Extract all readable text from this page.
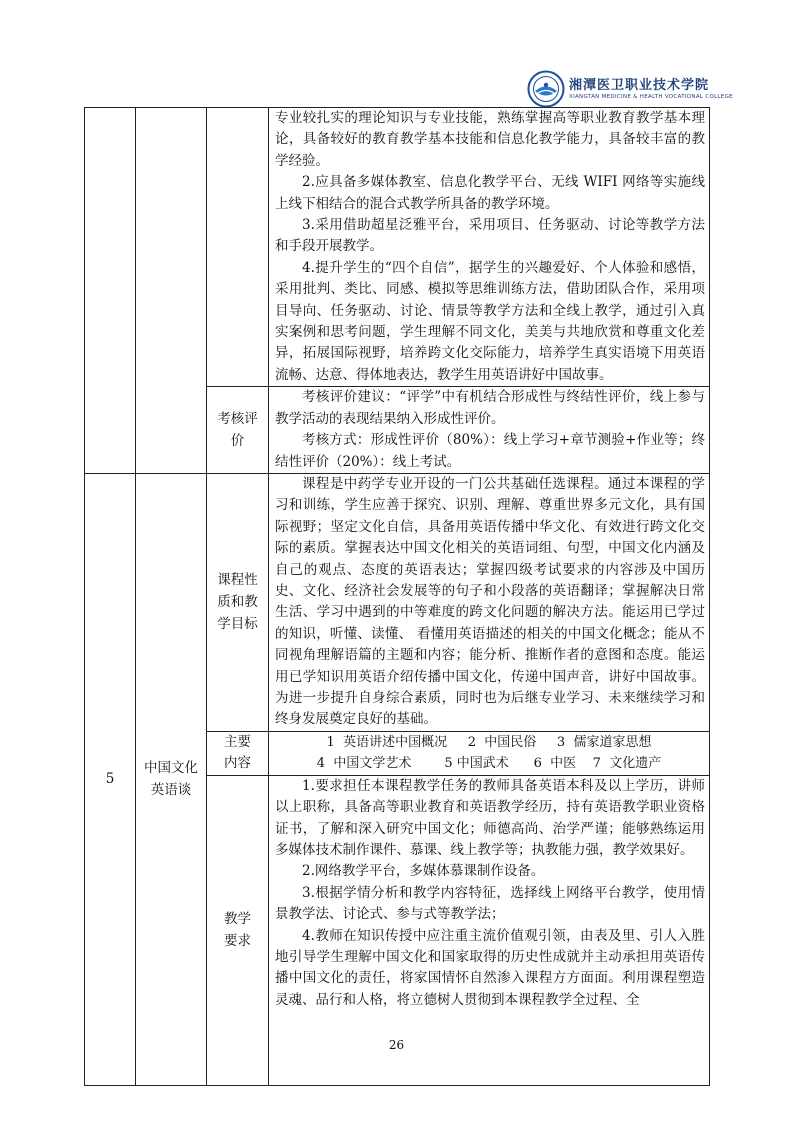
湘潭医卫职业技术学院
XIANGTAN MEDICINE & HEALTH VOCATIONAL COLLEGE

			专业较扎实的理论知识与专业技能，熟练掌握高等职业教育教学基本理论，具备较好的教育教学基本技能和信息化教学能力，具备较丰富的教学经验。

2.应具备多媒体教室、信息化教学平台、无线 WIFI 网络等实施线上线下相结合的混合式教学所具备的教学环境。

3.采用借助超星泛雅平台，采用项目、任务驱动、讨论等教学方法和手段开展教学。

4.提升学生的“四个自信”，据学生的兴趣爱好、个人体验和感悟，采用批判、类比、同感、模拟等思维训练方法，借助团队合作，采用项目导向、任务驱动、讨论、情景等教学方法和全线上教学，通过引入真实案例和思考问题，学生理解不同文化，美美与共地欣赏和尊重文化差异，拓展国际视野，培养跨文化交际能力，培养学生真实语境下用英语流畅、达意、得体地表达，教学生用英语讲好中国故事。

		考核评价	考核评价建议：“评学”中有机结合形成性与终结性评价，线上参与教学活动的表现结果纳入形成性评价。

考核方式：形成性评价（80%）：线上学习+章节测验+作业等；终结性评价（20%）：线上考试。

5	中国文化英语谈	课程性质和教学目标	课程是中药学专业开设的一门公共基础任选课程。通过本课程的学习和训练，学生应善于探究、识别、理解、尊重世界多元文化，具有国际视野；坚定文化自信，具备用英语传播中华文化、有效进行跨文化交际的素质。掌握表达中国文化相关的英语词组、句型，中国文化内涵及自己的观点、态度的英语表达；掌握四级考试要求的内容涉及中国历史、文化、经济社会发展等的句子和小段落的英语翻译；掌握解决日常生活、学习中遇到的中等难度的跨文化问题的解决方法。能运用已学过的知识，听懂、读懂、 看懂用英语描述的相关的中国文化概念；能从不同视角理解语篇的主题和内容；能分析、推断作者的意图和态度。能运用已学知识用英语介绍传播中国文化，传递中国声音，讲好中国故事。为进一步提升自身综合素质，同时也为后继专业学习、未来继续学习和终身发展奠定良好的基础。

		主要内容	1  英语讲述中国概况     2  中国民俗     3  儒家道家思想
4  中国文学艺术        5 中国武术      6  中医    7  文化遗产

		教学要求	1.要求担任本课程教学任务的教师具备英语本科及以上学历，讲师以上职称，具备高等职业教育和英语教学经历，持有英语教学职业资格证书，了解和深入研究中国文化；师德高尚、治学严谨；能够熟练运用多媒体技术制作课件、慕课、线上教学等；执教能力强，教学效果好。

2.网络教学平台，多媒体慕课制作设备。

3.根据学情分析和教学内容特征，选择线上网络平台教学，使用情景教学法、讨论式、参与式等教学法；

4.教师在知识传授中应注重主流价值观引领，由表及里、引人入胜地引导学生理解中国文化和国家取得的历史性成就并主动承担用英语传播中国文化的责任，将家国情怀自然渗入课程方方面面。利用课程塑造灵魂、品行和人格，将立德树人贯彻到本课程教学全过程、全

26
